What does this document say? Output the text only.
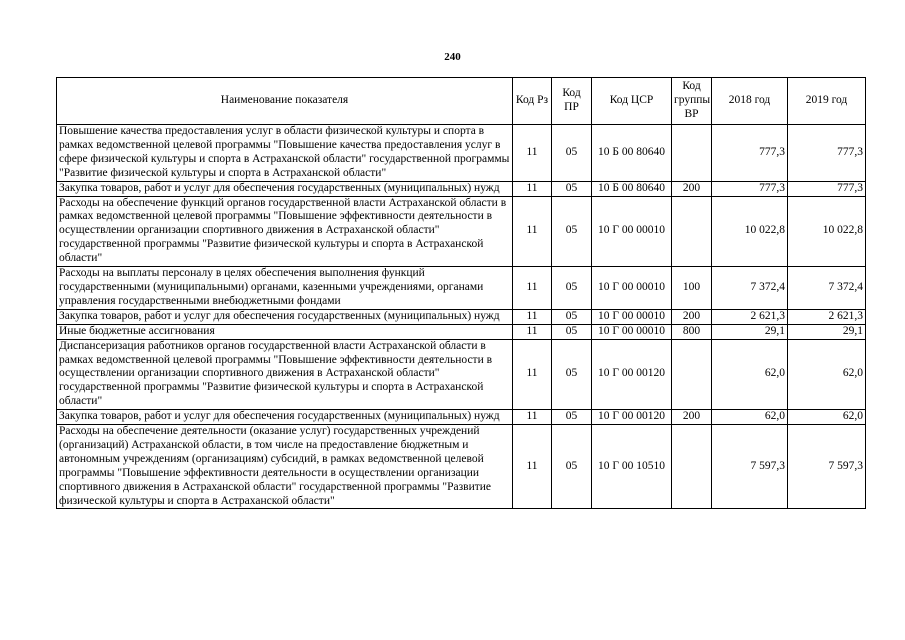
240
Наименование показателя	Код Рз	Код ПР	Код ЦСР	Код группы ВР	2018 год	2019 год
Повышение качества предоставления услуг в области физической культуры и спорта в рамках ведомственной целевой программы "Повышение качества предоставления услуг в сфере физической культуры и спорта в Астраханской области" государственной программы "Развитие физической культуры и спорта в Астраханской области"	11	05	10 Б 00 80640		777,3	777,3
Закупка товаров, работ и услуг для обеспечения государственных (муниципальных) нужд	11	05	10 Б 00 80640	200	777,3	777,3
Расходы на обеспечение функций органов государственной власти Астраханской области в рамках ведомственной целевой программы "Повышение эффективности деятельности в осуществлении организации спортивного движения в Астраханской области" государственной программы "Развитие физической культуры и спорта в Астраханской области"	11	05	10 Г 00 00010		10 022,8	10 022,8
Расходы на выплаты персоналу в целях обеспечения выполнения функций государственными (муниципальными) органами, казенными учреждениями, органами управления государственными внебюджетными фондами	11	05	10 Г 00 00010	100	7 372,4	7 372,4
Закупка товаров, работ и услуг для обеспечения государственных (муниципальных) нужд	11	05	10 Г 00 00010	200	2 621,3	2 621,3
Иные бюджетные ассигнования	11	05	10 Г 00 00010	800	29,1	29,1
Диспансеризация работников органов государственной власти Астраханской области в рамках ведомственной целевой программы "Повышение эффективности деятельности в осуществлении организации спортивного движения в Астраханской области" государственной программы "Развитие физической культуры и спорта в Астраханской области"	11	05	10 Г 00 00120		62,0	62,0
Закупка товаров, работ и услуг для обеспечения государственных (муниципальных) нужд	11	05	10 Г 00 00120	200	62,0	62,0
Расходы на обеспечение деятельности (оказание услуг) государственных учреждений (организаций) Астраханской области, в том числе на предоставление бюджетным и автономным учреждениям (организациям) субсидий, в рамках ведомственной целевой программы "Повышение эффективности деятельности в осуществлении организации спортивного движения в Астраханской области" государственной программы "Развитие физической культуры и спорта в Астраханской области"	11	05	10 Г 00 10510		7 597,3	7 597,3
